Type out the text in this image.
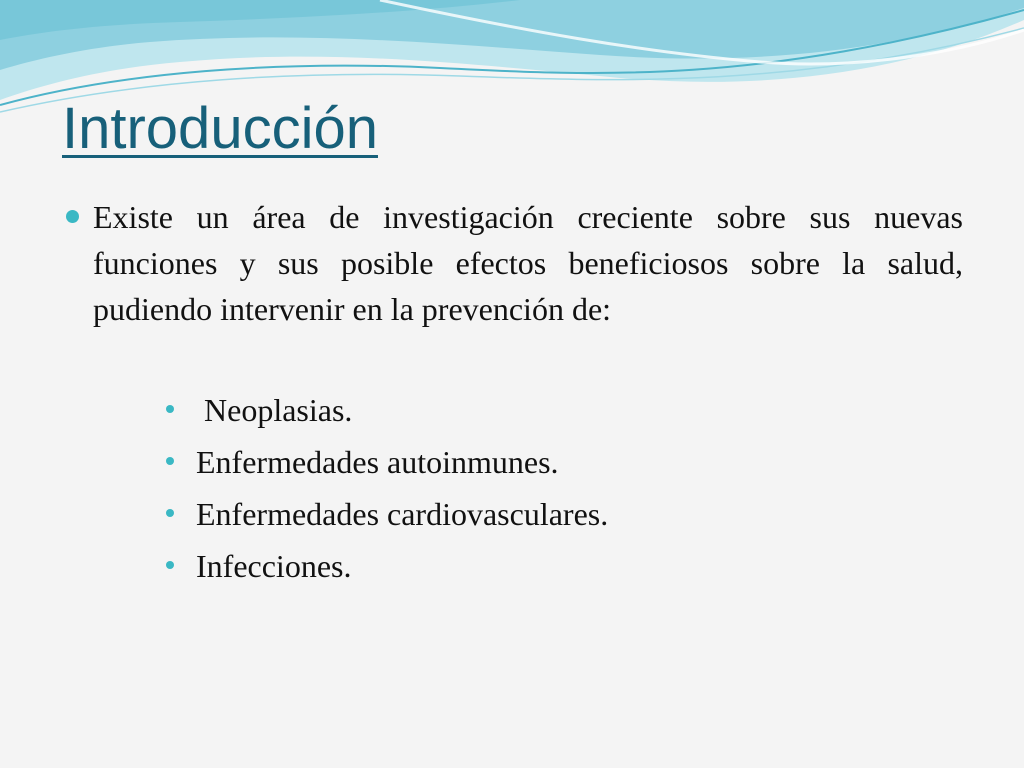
Introducción

Existe un área de investigación creciente sobre sus nuevas funciones y sus posible efectos beneficiosos sobre la salud, pudiendo intervenir en la prevención de:

Neoplasias.
Enfermedades autoinmunes.
Enfermedades cardiovasculares.
Infecciones.
